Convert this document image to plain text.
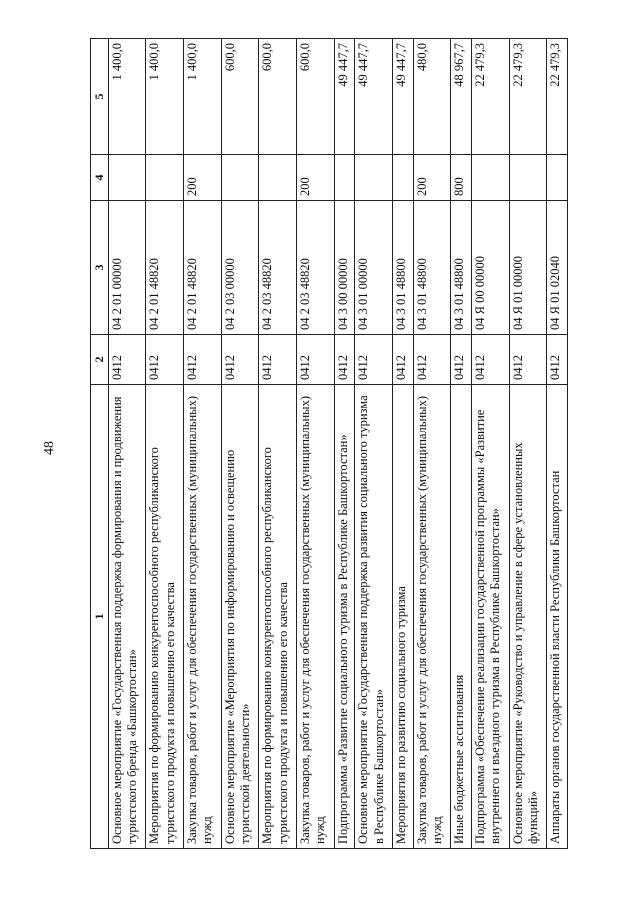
48
1	2	3	4	5
Основное мероприятие «Государственная поддержка формирования и продвижения туристского бренда «Башкортостан»	0412	04 2 01 00000		1 400,0
Мероприятия по формированию конкурентоспособного республиканского туристского продукта и повышению его качества	0412	04 2 01 48820		1 400,0
Закупка товаров, работ и услуг для обеспечения государственных (муниципальных) нужд	0412	04 2 01 48820	200	1 400,0
Основное мероприятие «Мероприятия по информированию и освещению туристской деятельности»	0412	04 2 03 00000		600,0
Мероприятия по формированию конкурентоспособного республиканского туристского продукта и повышению его качества	0412	04 2 03 48820		600,0
Закупка товаров, работ и услуг для обеспечения государственных (муниципальных) нужд	0412	04 2 03 48820	200	600,0
Подпрограмма «Развитие социального туризма в Республике Башкортостан»	0412	04 3 00 00000		49 447,7
Основное мероприятие «Государственная поддержка развития социального туризма в Республике Башкортостан»	0412	04 3 01 00000		49 447,7
Мероприятия по развитию социального туризма	0412	04 3 01 48800		49 447,7
Закупка товаров, работ и услуг для обеспечения государственных (муниципальных) нужд	0412	04 3 01 48800	200	480,0
Иные бюджетные ассигнования	0412	04 3 01 48800	800	48 967,7
Подпрограмма «Обеспечение реализации государственной программы «Развитие внутреннего и въездного туризма в Республике Башкортостан»	0412	04 Я 00 00000		22 479,3
Основное мероприятие «Руководство и управление в сфере установленных функций»	0412	04 Я 01 00000		22 479,3
Аппараты органов государственной власти Республики Башкортостан	0412	04 Я 01 02040		22 479,3
